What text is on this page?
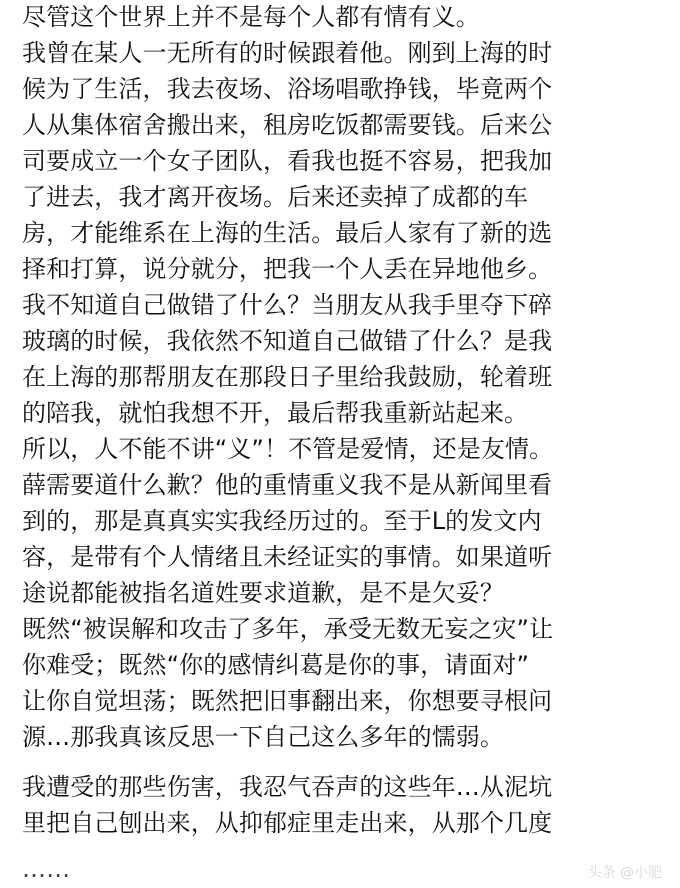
尽管这个世界上并不是每个人都有情有义。
我曾在某人一无所有的时候跟着他。刚到上海的时
候为了生活，我去夜场、浴场唱歌挣钱，毕竟两个
人从集体宿舍搬出来，租房吃饭都需要钱。后来公
司要成立一个女子团队，看我也挺不容易，把我加
了进去，我才离开夜场。后来还卖掉了成都的车
房，才能维系在上海的生活。最后人家有了新的选
择和打算，说分就分，把我一个人丢在异地他乡。
我不知道自己做错了什么？当朋友从我手里夺下碎
玻璃的时候，我依然不知道自己做错了什么？是我
在上海的那帮朋友在那段日子里给我鼓励，轮着班
的陪我，就怕我想不开，最后帮我重新站起来。
所以，人不能不讲“义”！不管是爱情，还是友情。
薛需要道什么歉？他的重情重义我不是从新闻里看
到的，那是真真实实我经历过的。至于L的发文内
容，是带有个人情绪且未经证实的事情。如果道听
途说都能被指名道姓要求道歉，是不是欠妥？
既然“被误解和攻击了多年，承受无数无妄之灾”让
你难受；既然“你的感情纠葛是你的事，请面对”
让你自觉坦荡；既然把旧事翻出来，你想要寻根问
源…那我真该反思一下自己这么多年的懦弱。
我遭受的那些伤害，我忍气吞声的这些年…从泥坑
里把自己刨出来，从抑郁症里走出来，从那个几度
……	头条 @小肥
